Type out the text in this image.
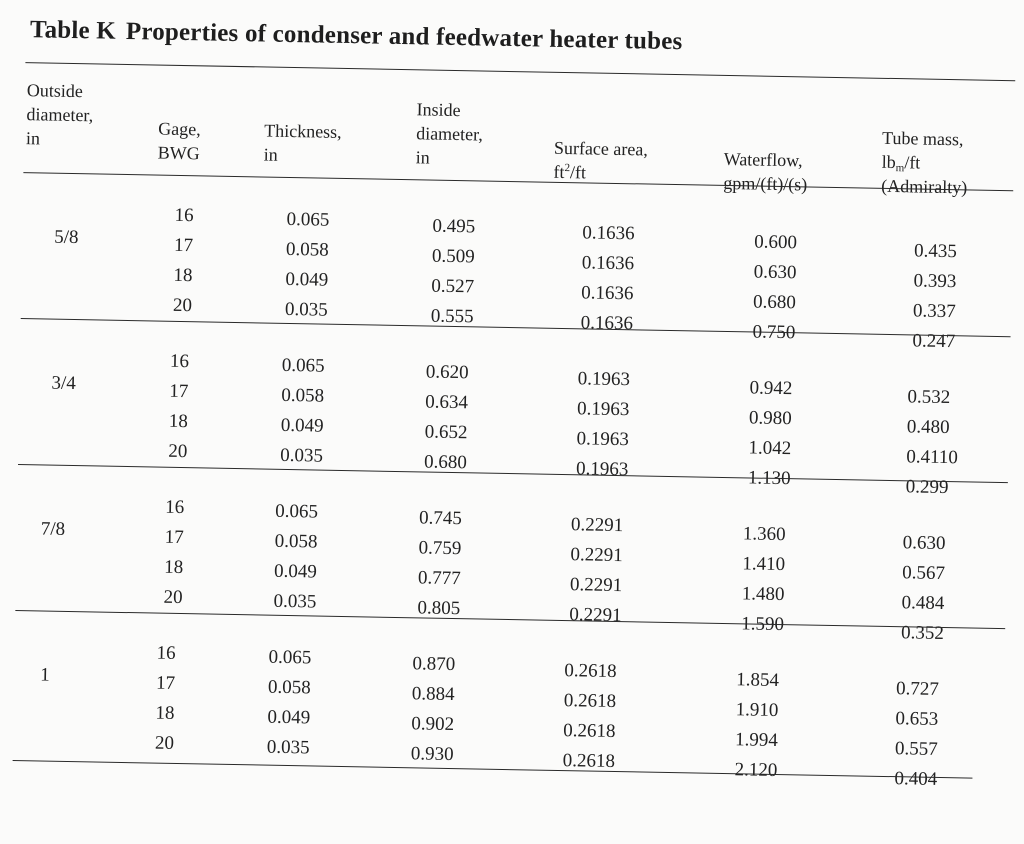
Table K Properties of condenser and feedwater heater tubes
Outside
diameter,
in	Gage,
BWG
Thickness,
in
Inside
diameter,
in	Surface area,
$ft^2/ft$
Waterflow,
gpm/(ft)/(s)
Tube mass,
$lb_m/ft$
(Admiralty)
5/8
16
17
18
20
0.065
0.058
0.049
0.035
0.495
0.509
0.527
0.555
0.1636
0.1636
0.1636
0.1636
0.600
0.630
0.680
0.750
0.435
0.393
0.337
0.247
3/4
16
17
18
20
0.065
0.058
0.049
0.035
0.620
0.634
0.652
0.680
0.1963
0.1963
0.1963
0.1963
0.942
0.980
1.042
1.130
0.532
0.480
0.4110
0.299
7/8
16
17
18
20
0.065
0.058
0.049
0.035
0.745
0.759
0.777
0.805
0.2291
0.2291
0.2291
0.2291
1.360
1.410
1.480
1.590
0.630
0.567
0.484
0.352
1
16
17
18
20
0.065
0.058
0.049
0.035
0.870
0.884
0.902
0.930
0.2618
0.2618
0.2618
0.2618
1.854
1.910
1.994
2.120
0.727
0.653
0.557
0.404
